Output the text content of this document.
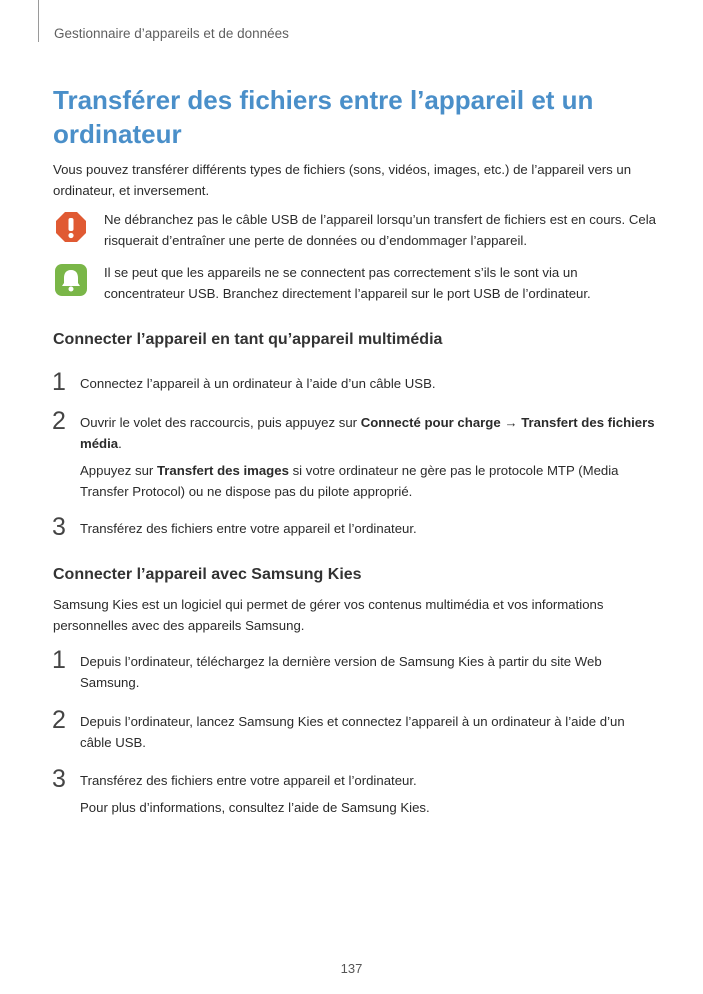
Gestionnaire d’appareils et de données
Transférer des fichiers entre l’appareil et un ordinateur

Vous pouvez transférer différents types de fichiers (sons, vidéos, images, etc.) de l’appareil vers un ordinateur, et inversement.

Ne débranchez pas le câble USB de l’appareil lorsqu’un transfert de fichiers est en cours. Cela risquerait d’entraîner une perte de données ou d’endommager l’appareil.

Il se peut que les appareils ne se connectent pas correctement s’ils le sont via un concentrateur USB. Branchez directement l’appareil sur le port USB de l’ordinateur.

Connecter l’appareil en tant qu’appareil multimédia
1 Connectez l’appareil à un ordinateur à l’aide d’un câble USB.

2 Ouvrir le volet des raccourcis, puis appuyez sur Connecté pour charge → Transfert des fichiers média.

Appuyez sur Transfert des images si votre ordinateur ne gère pas le protocole MTP (Media Transfer Protocol) ou ne dispose pas du pilote approprié.

3 Transférez des fichiers entre votre appareil et l’ordinateur.

Connecter l’appareil avec Samsung Kies

Samsung Kies est un logiciel qui permet de gérer vos contenus multimédia et vos informations personnelles avec des appareils Samsung.

1 Depuis l’ordinateur, téléchargez la dernière version de Samsung Kies à partir du site Web Samsung.

2 Depuis l’ordinateur, lancez Samsung Kies et connectez l’appareil à un ordinateur à l’aide d’un câble USB.

3 Transférez des fichiers entre votre appareil et l’ordinateur.

Pour plus d’informations, consultez l’aide de Samsung Kies.

137
